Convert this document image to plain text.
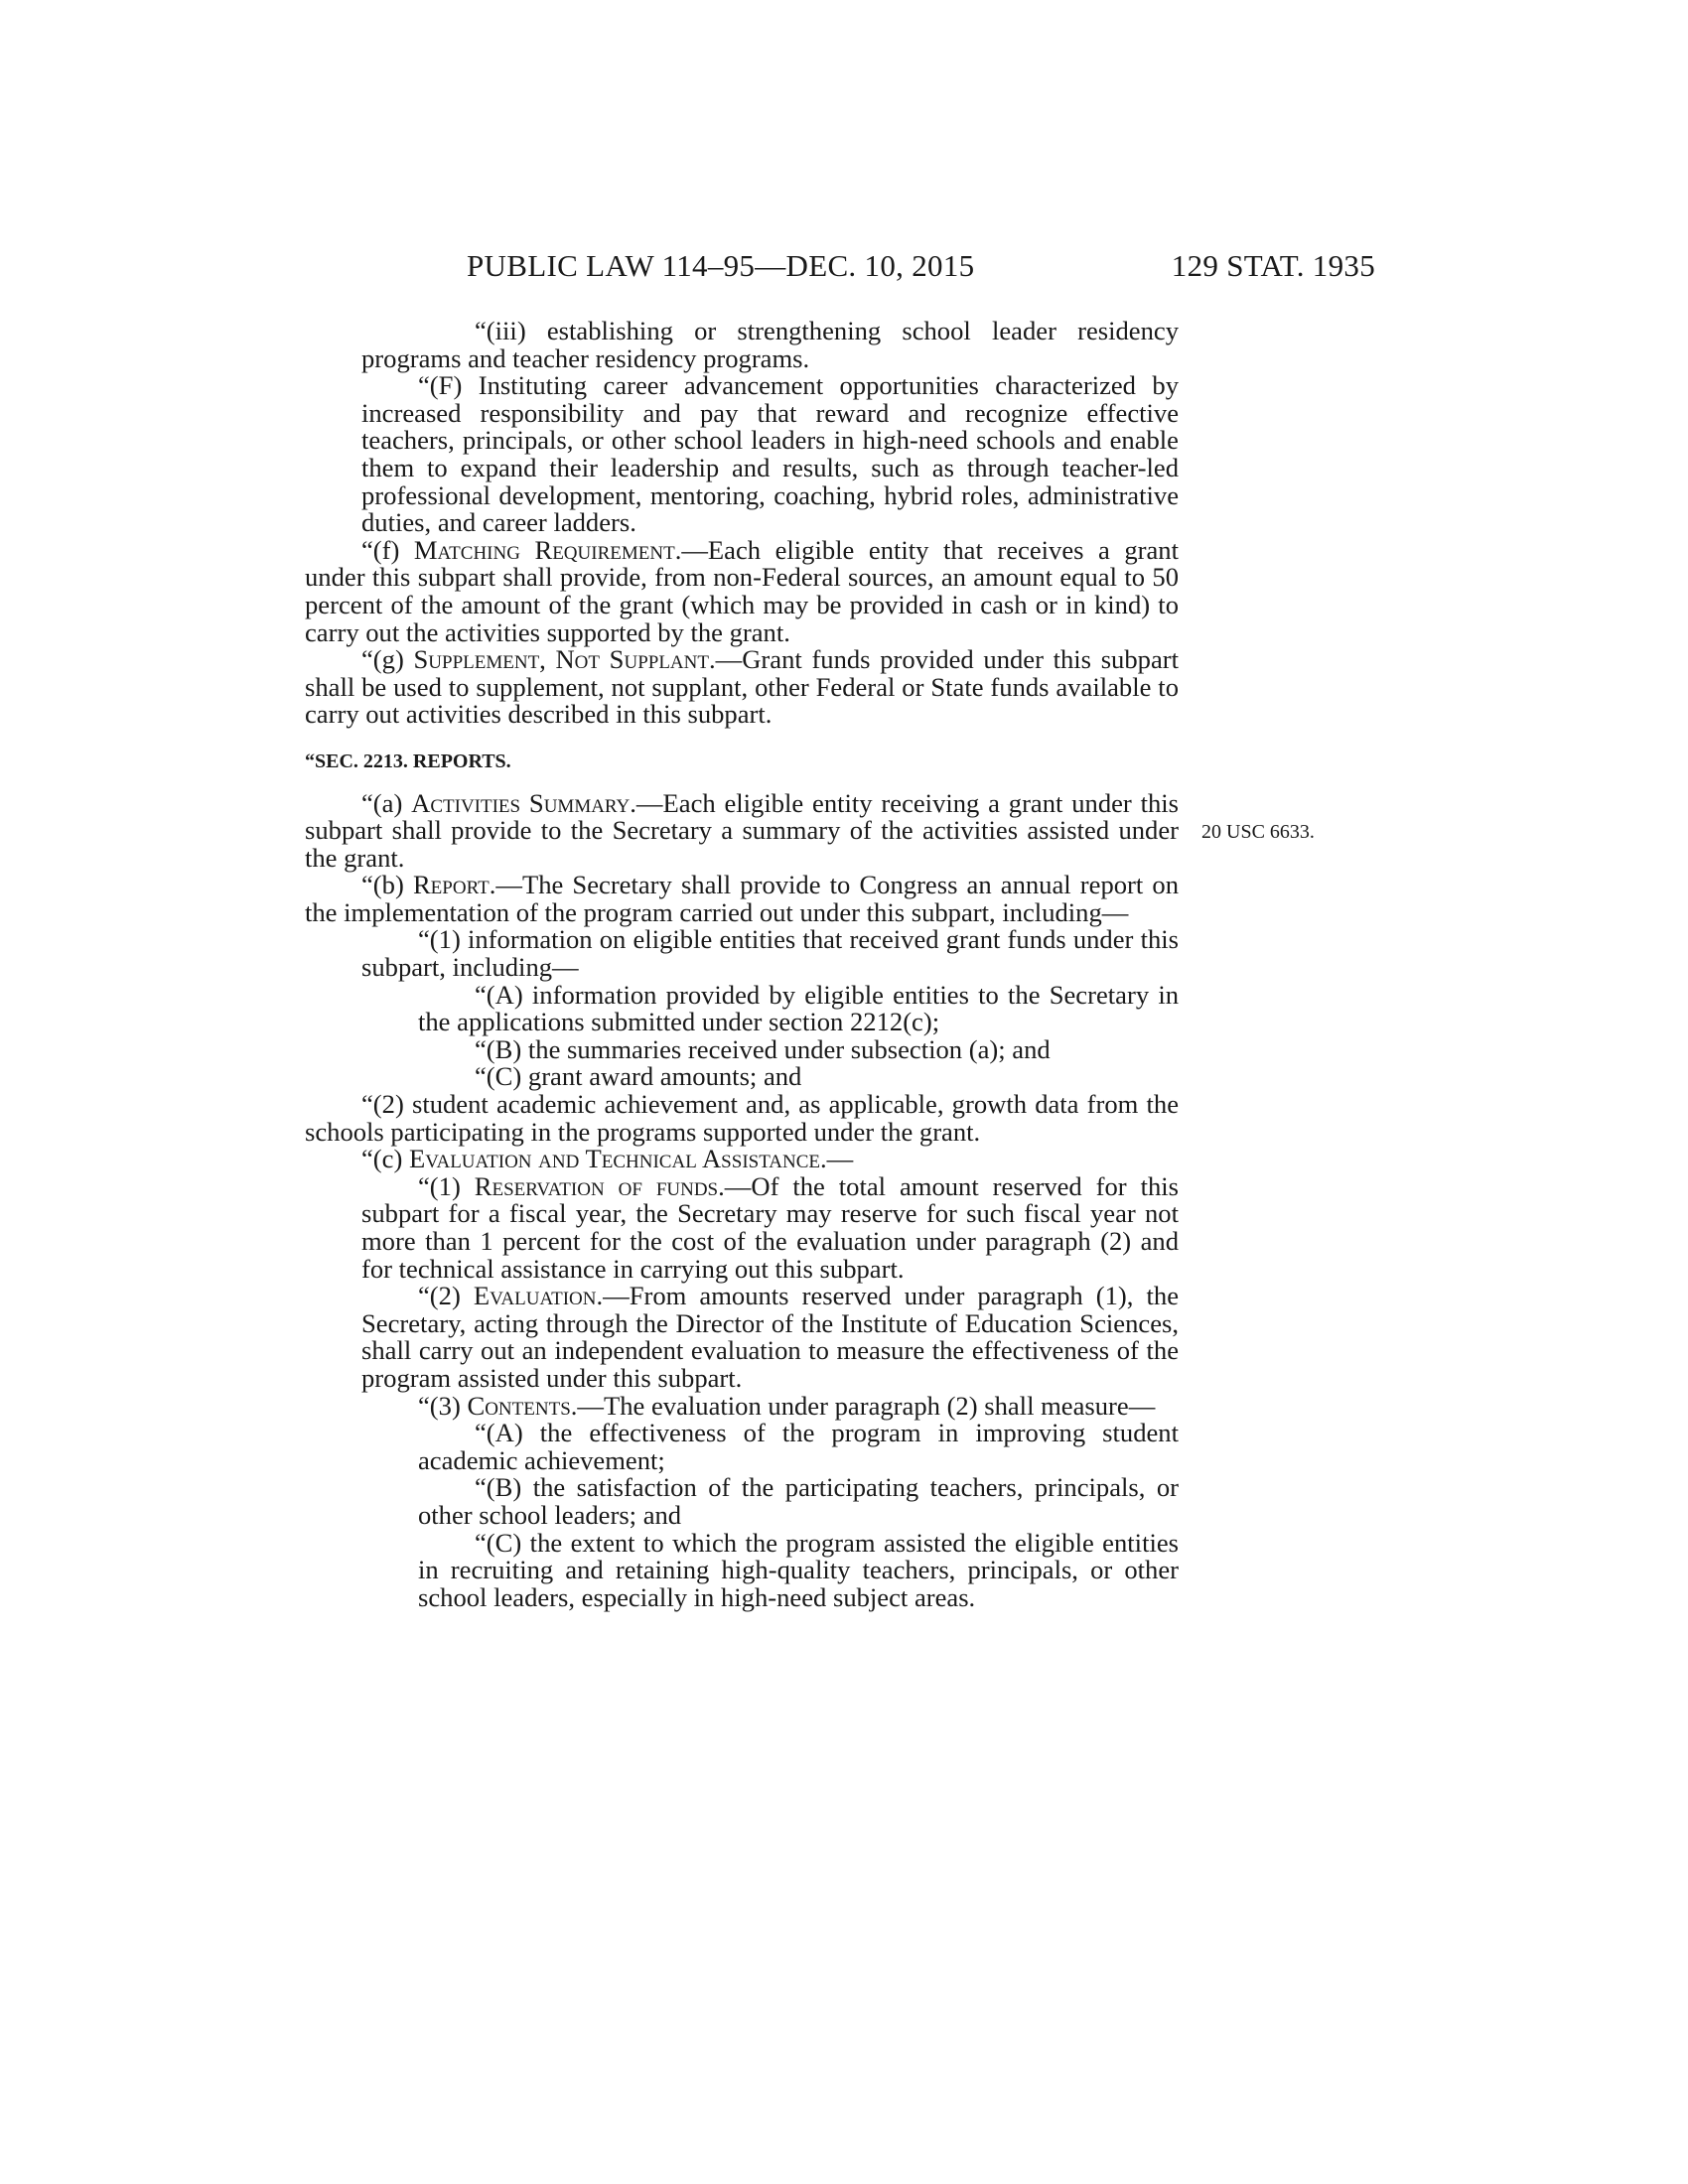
PUBLIC LAW 114–95—DEC. 10, 2015	129 STAT. 1935
20 USC 6633.

“(iii) establishing or strengthening school leader residency programs and teacher residency programs.

“(F) Instituting career advancement opportunities characterized by increased responsibility and pay that reward and recognize effective teachers, principals, or other school leaders in high-need schools and enable them to expand their leadership and results, such as through teacher-led professional development, mentoring, coaching, hybrid roles, administrative duties, and career ladders.

“(f) Matching Requirement.—Each eligible entity that receives a grant under this subpart shall provide, from non-Federal sources, an amount equal to 50 percent of the amount of the grant (which may be provided in cash or in kind) to carry out the activities supported by the grant.

“(g) Supplement, Not Supplant.—Grant funds provided under this subpart shall be used to supplement, not supplant, other Federal or State funds available to carry out activities described in this subpart.

“SEC. 2213. REPORTS.

“(a) Activities Summary.—Each eligible entity receiving a grant under this subpart shall provide to the Secretary a summary of the activities assisted under the grant.

“(b) Report.—The Secretary shall provide to Congress an annual report on the implementation of the program carried out under this subpart, including—

“(1) information on eligible entities that received grant funds under this subpart, including—

“(A) information provided by eligible entities to the Secretary in the applications submitted under section 2212(c);

“(B) the summaries received under subsection (a); and

“(C) grant award amounts; and

“(2) student academic achievement and, as applicable, growth data from the schools participating in the programs supported under the grant.

“(c) Evaluation and Technical Assistance.—

“(1) Reservation of funds.—Of the total amount reserved for this subpart for a fiscal year, the Secretary may reserve for such fiscal year not more than 1 percent for the cost of the evaluation under paragraph (2) and for technical assistance in carrying out this subpart.

“(2) Evaluation.—From amounts reserved under paragraph (1), the Secretary, acting through the Director of the Institute of Education Sciences, shall carry out an independent evaluation to measure the effectiveness of the program assisted under this subpart.

“(3) Contents.—The evaluation under paragraph (2) shall measure—

“(A) the effectiveness of the program in improving student academic achievement;

“(B) the satisfaction of the participating teachers, principals, or other school leaders; and

“(C) the extent to which the program assisted the eligible entities in recruiting and retaining high-quality teachers, principals, or other school leaders, especially in high-need subject areas.
